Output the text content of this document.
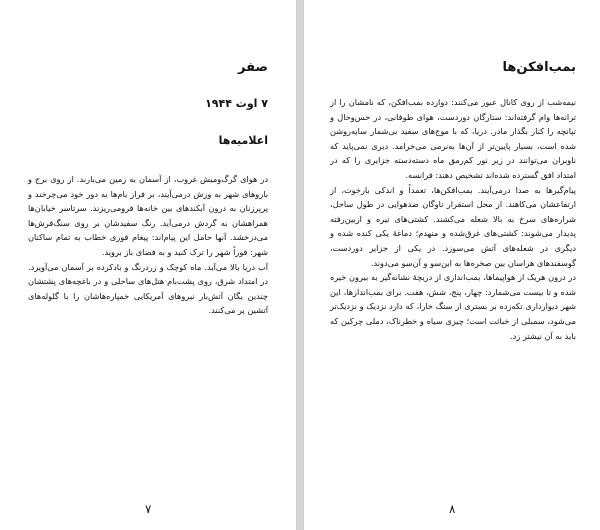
صفر
۷ اوت ۱۹۴۴
اعلامیه‌ها

در هوای گرگ‌ومیش غروب، از آسمان به زمین می‌بارند. از روی برج و باروهای شهر به وزش درمی‌آیند، بر فراز بام‌ها به دور خود می‌چرخند و پرپرزنان به درون آبکندهای بین خانه‌ها فرومی‌ریزند. سرتاسر خیابان‌ها همراهشان به گردش درمی‌آید. رنگ سفیدشان بر روی سنگ‌فرش‌ها می‌درخشد. آنها حامل این پیام‌اند: پیغام فوری خطاب به تمام ساکنان شهر: فوراً شهر را ترک کنید و به فضای باز بروید.

آب دریا بالا می‌آید. ماه کوچک و زردرنگ و بادکرده بر آسمان می‌آویزد. در امتداد شرق، روی پشت‌بام هتل‌های ساحلی و در باغچه‌های پشتشان چندین یگان آتش‌بار نیروهای آمریکایی خمپاره‌هاشان را با گلوله‌های آتشین پر می‌کنند.

۷
بمب‌افکن‌ها

نیمه‌شب از روی کانال عبور می‌کنند: دوازده بمب‌افکن، که نامشان را از ترانه‌ها وام گرفته‌اند: ستارگان دوردست، هوای طوفانی، در حس‌وحال و تپانچه را کنار بگذار مادر. دریا، که با موج‌های سفید بی‌شمار سایه‌روشن شده است، بسیار پایین‌تر از آن‌ها به‌نرمی می‌خرامد. دیری نمی‌پاید که ناوبران می‌توانند در زیر نور کم‌رمق ماه دسته‌دسته جزایری را که در امتداد افق گسترده شده‌اند تشخیص دهند: فرانسه.

پیام‌گیرها به صدا درمی‌آیند. بمب‌افکن‌ها، تعمداً و اندکی بارخوت، از ارتفاعشان می‌کاهند. از محل استقرار ناوگان ضدهوایی در طول ساحل، شراره‌های سرخ به بالا شعله می‌کشند. کشتی‌های تیره و ازبین‌رفته پدیدار می‌شوند: کشتی‌های غرق‌شده و منهدم؛ دماغهٔ یکی کنده شده و دیگری در شعله‌های آتش می‌سوزد. در یکی از جزایر دوردست، گوسفندهای هراسان بین صخره‌ها به این‌سو و آن‌سو می‌دوند.

در درون هریک از هواپیماها، بمب‌اندازی از دریچهٔ نشانه‌گیر به بیرون خیره شده و تا بیست می‌شمارد: چهار، پنج، شش، هفت. برای بمب‌اندازها، این شهر دیوارداری تکه‌زده بر بستری از سنگ خارا، که دارد نزدیک و نزدیک‌تر می‌شود، سمبلی از خباثت است؛ چیزی سیاه و خطرناک، دملی چرکین که باید به آن نیشتر زد.

۸
